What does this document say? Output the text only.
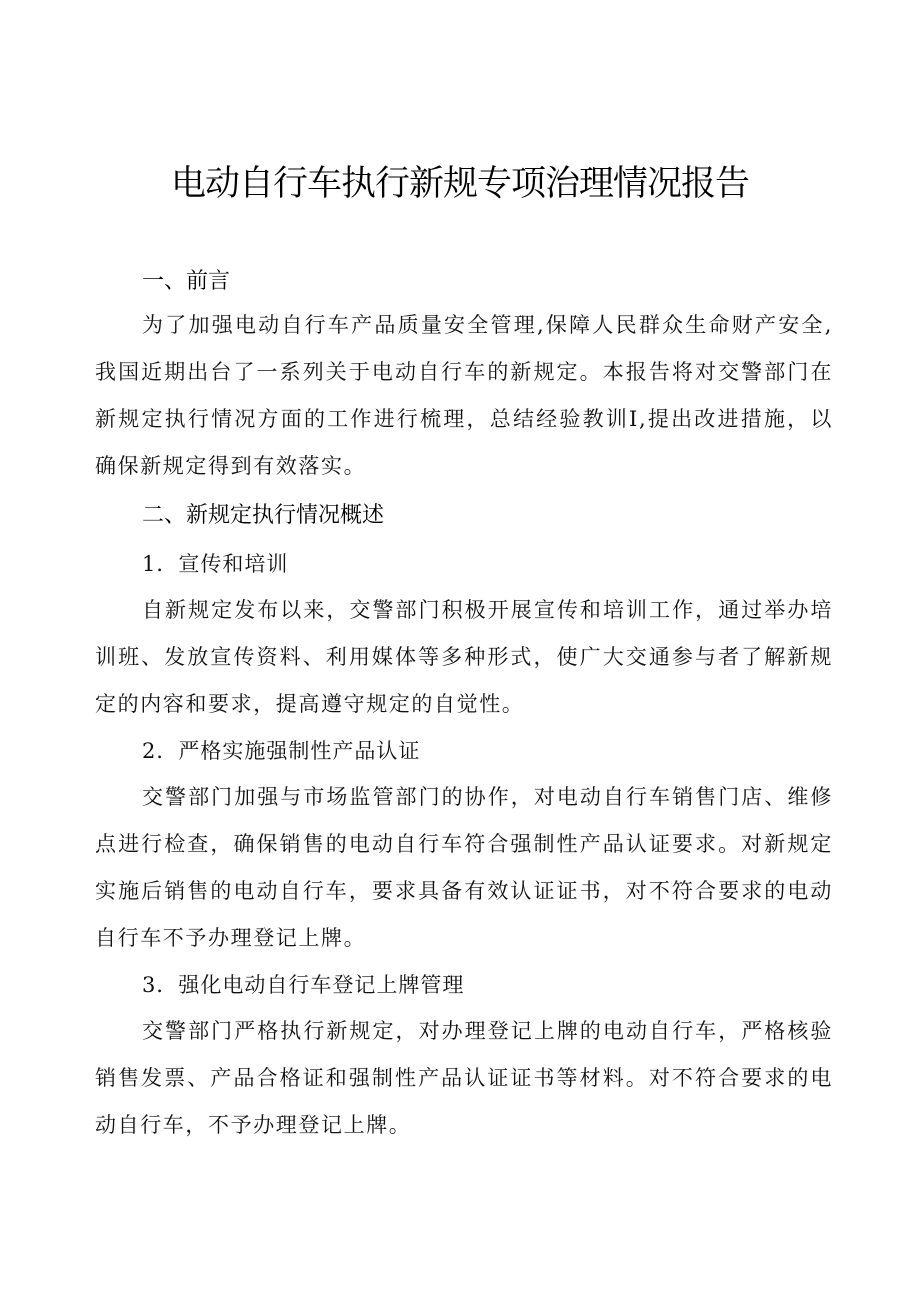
电动自行车执行新规专项治理情况报告
一、前言

为了加强电动自行车产品质量安全管理,保障人民群众生命财产安全,我国近期出台了一系列关于电动自行车的新规定。本报告将对交警部门在新规定执行情况方面的工作进行梳理，总结经验教训I,提出改进措施，以确保新规定得到有效落实。

二、新规定执行情况概述
1．宣传和培训

自新规定发布以来，交警部门积极开展宣传和培训工作，通过举办培训班、发放宣传资料、利用媒体等多种形式，使广大交通参与者了解新规定的内容和要求，提高遵守规定的自觉性。

2．严格实施强制性产品认证

交警部门加强与市场监管部门的协作，对电动自行车销售门店、维修点进行检查，确保销售的电动自行车符合强制性产品认证要求。对新规定实施后销售的电动自行车，要求具备有效认证证书，对不符合要求的电动自行车不予办理登记上牌。

3．强化电动自行车登记上牌管理

交警部门严格执行新规定，对办理登记上牌的电动自行车，严格核验销售发票、产品合格证和强制性产品认证证书等材料。对不符合要求的电动自行车，不予办理登记上牌。
